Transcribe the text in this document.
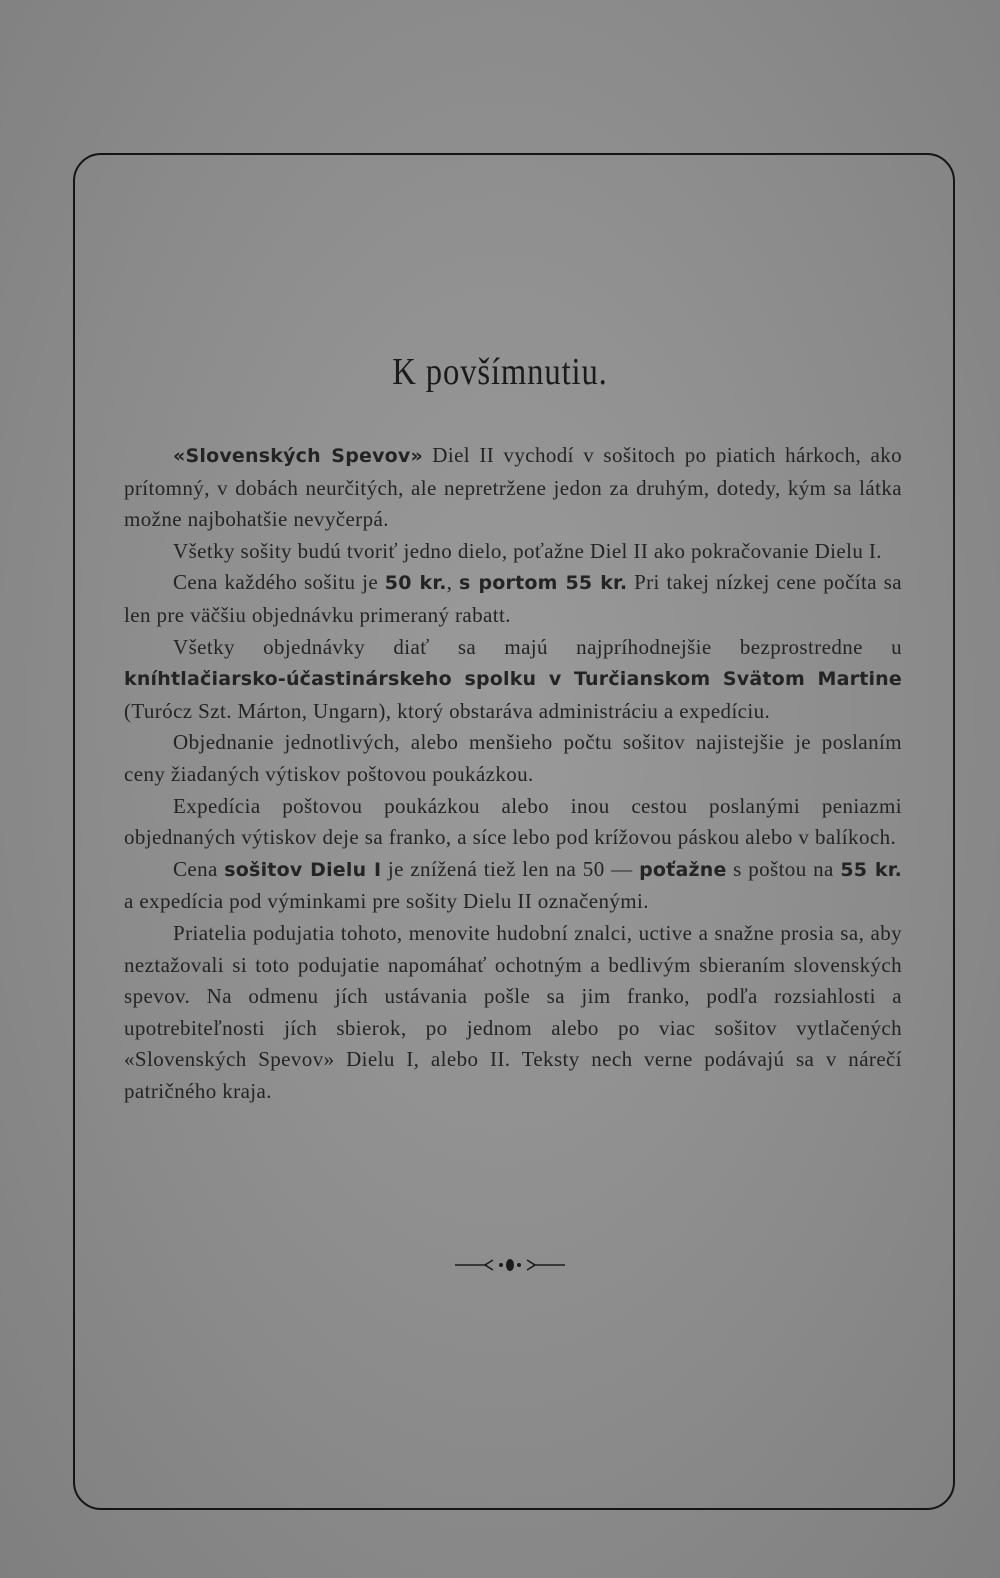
K povšímnutiu.

«Slovenských Spevov» Diel II vychodí v sošitoch po piatich hárkoch, ako prítomný, v dobách neurčitých, ale nepretržene jedon za druhým, dotedy, kým sa látka možne najbohatšie nevyčerpá.

Všetky sošity budú tvoriť jedno dielo, poťažne Diel II ako pokračovanie Dielu I.

Cena každého sošitu je 50 kr., s portom 55 kr. Pri takej nízkej cene počíta sa len pre väčšiu objednávku primeraný rabatt.

Všetky objednávky diať sa majú najpríhodnejšie bezprostredne u kníhtlačiarsko-účastinárskeho spolku v Turčianskom Svätom Martine (Turócz Szt. Márton, Ungarn), ktorý obstaráva administráciu a expedíciu.

Objednanie jednotlivých, alebo menšieho počtu sošitov najistejšie je poslaním ceny žiadaných výtiskov poštovou poukázkou.

Expedícia poštovou poukázkou alebo inou cestou poslanými peniazmi objednaných výtiskov deje sa franko, a síce lebo pod krížovou páskou alebo v balíkoch.

Cena sošitov Dielu I je znížená tiež len na 50 — poťažne s poštou na 55 kr. a expedícia pod výminkami pre sošity Dielu II označenými.

Priatelia podujatia tohoto, menovite hudobní znalci, uctive a snažne prosia sa, aby neztažovali si toto podujatie napomáhať ochotným a bedlivým sbieraním slovenských spevov. Na odmenu jích ustávania pošle sa jim franko, podľa rozsiahlosti a upotrebiteľnosti jích sbierok, po jednom alebo po viac sošitov vytlačených «Slovenských Spevov» Dielu I, alebo II. Teksty nech verne podávajú sa v nárečí patričného kraja.
